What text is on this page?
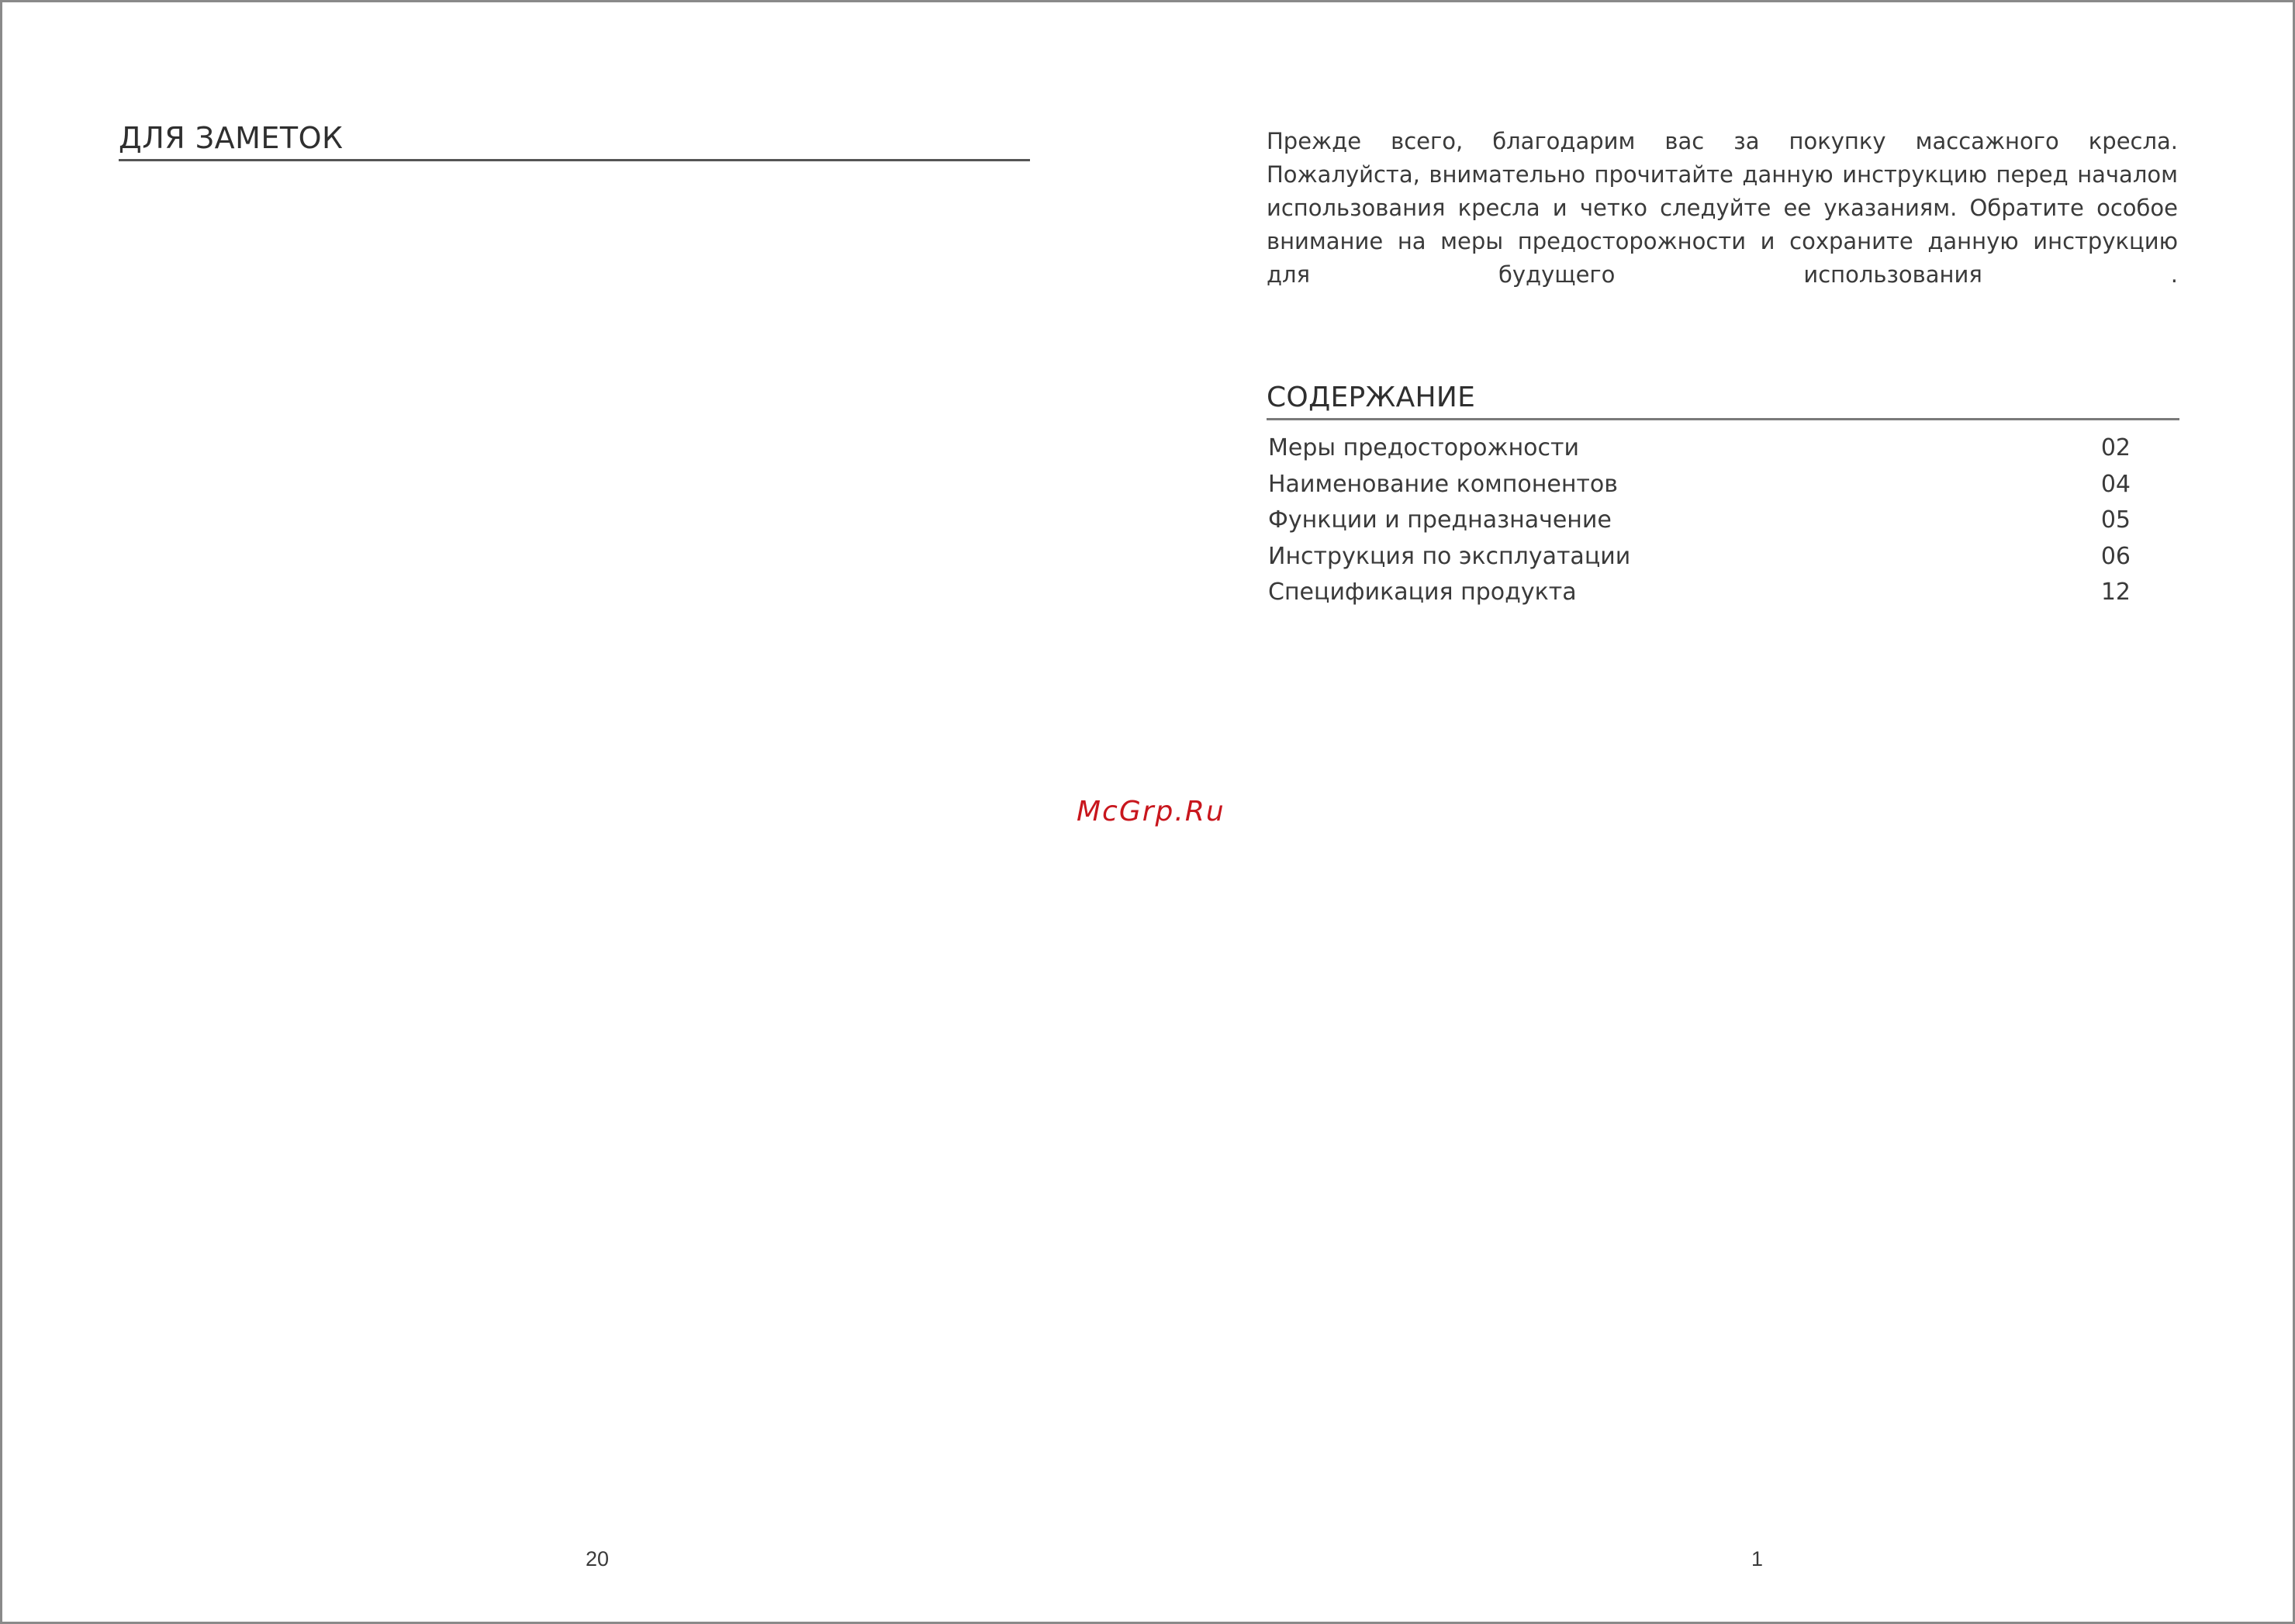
ДЛЯ ЗАМЕТОК
20
Прежде всего, благодарим вас за покупку массажного кресла.
Пожалуйста, внимательно прочитайте данную инструкцию перед началом
использования кресла и четко следуйте ее указаниям. Обратите особое
внимание на меры предосторожности и сохраните данную инструкцию
для будущего использования	.
СОДЕРЖАНИЕ
Меры предосторожности	02
Наименование компонентов	04
Функции и предназначение	05
Инструкция по эксплуатации	06
Спецификация продукта	12
1
McGrp.Ru
